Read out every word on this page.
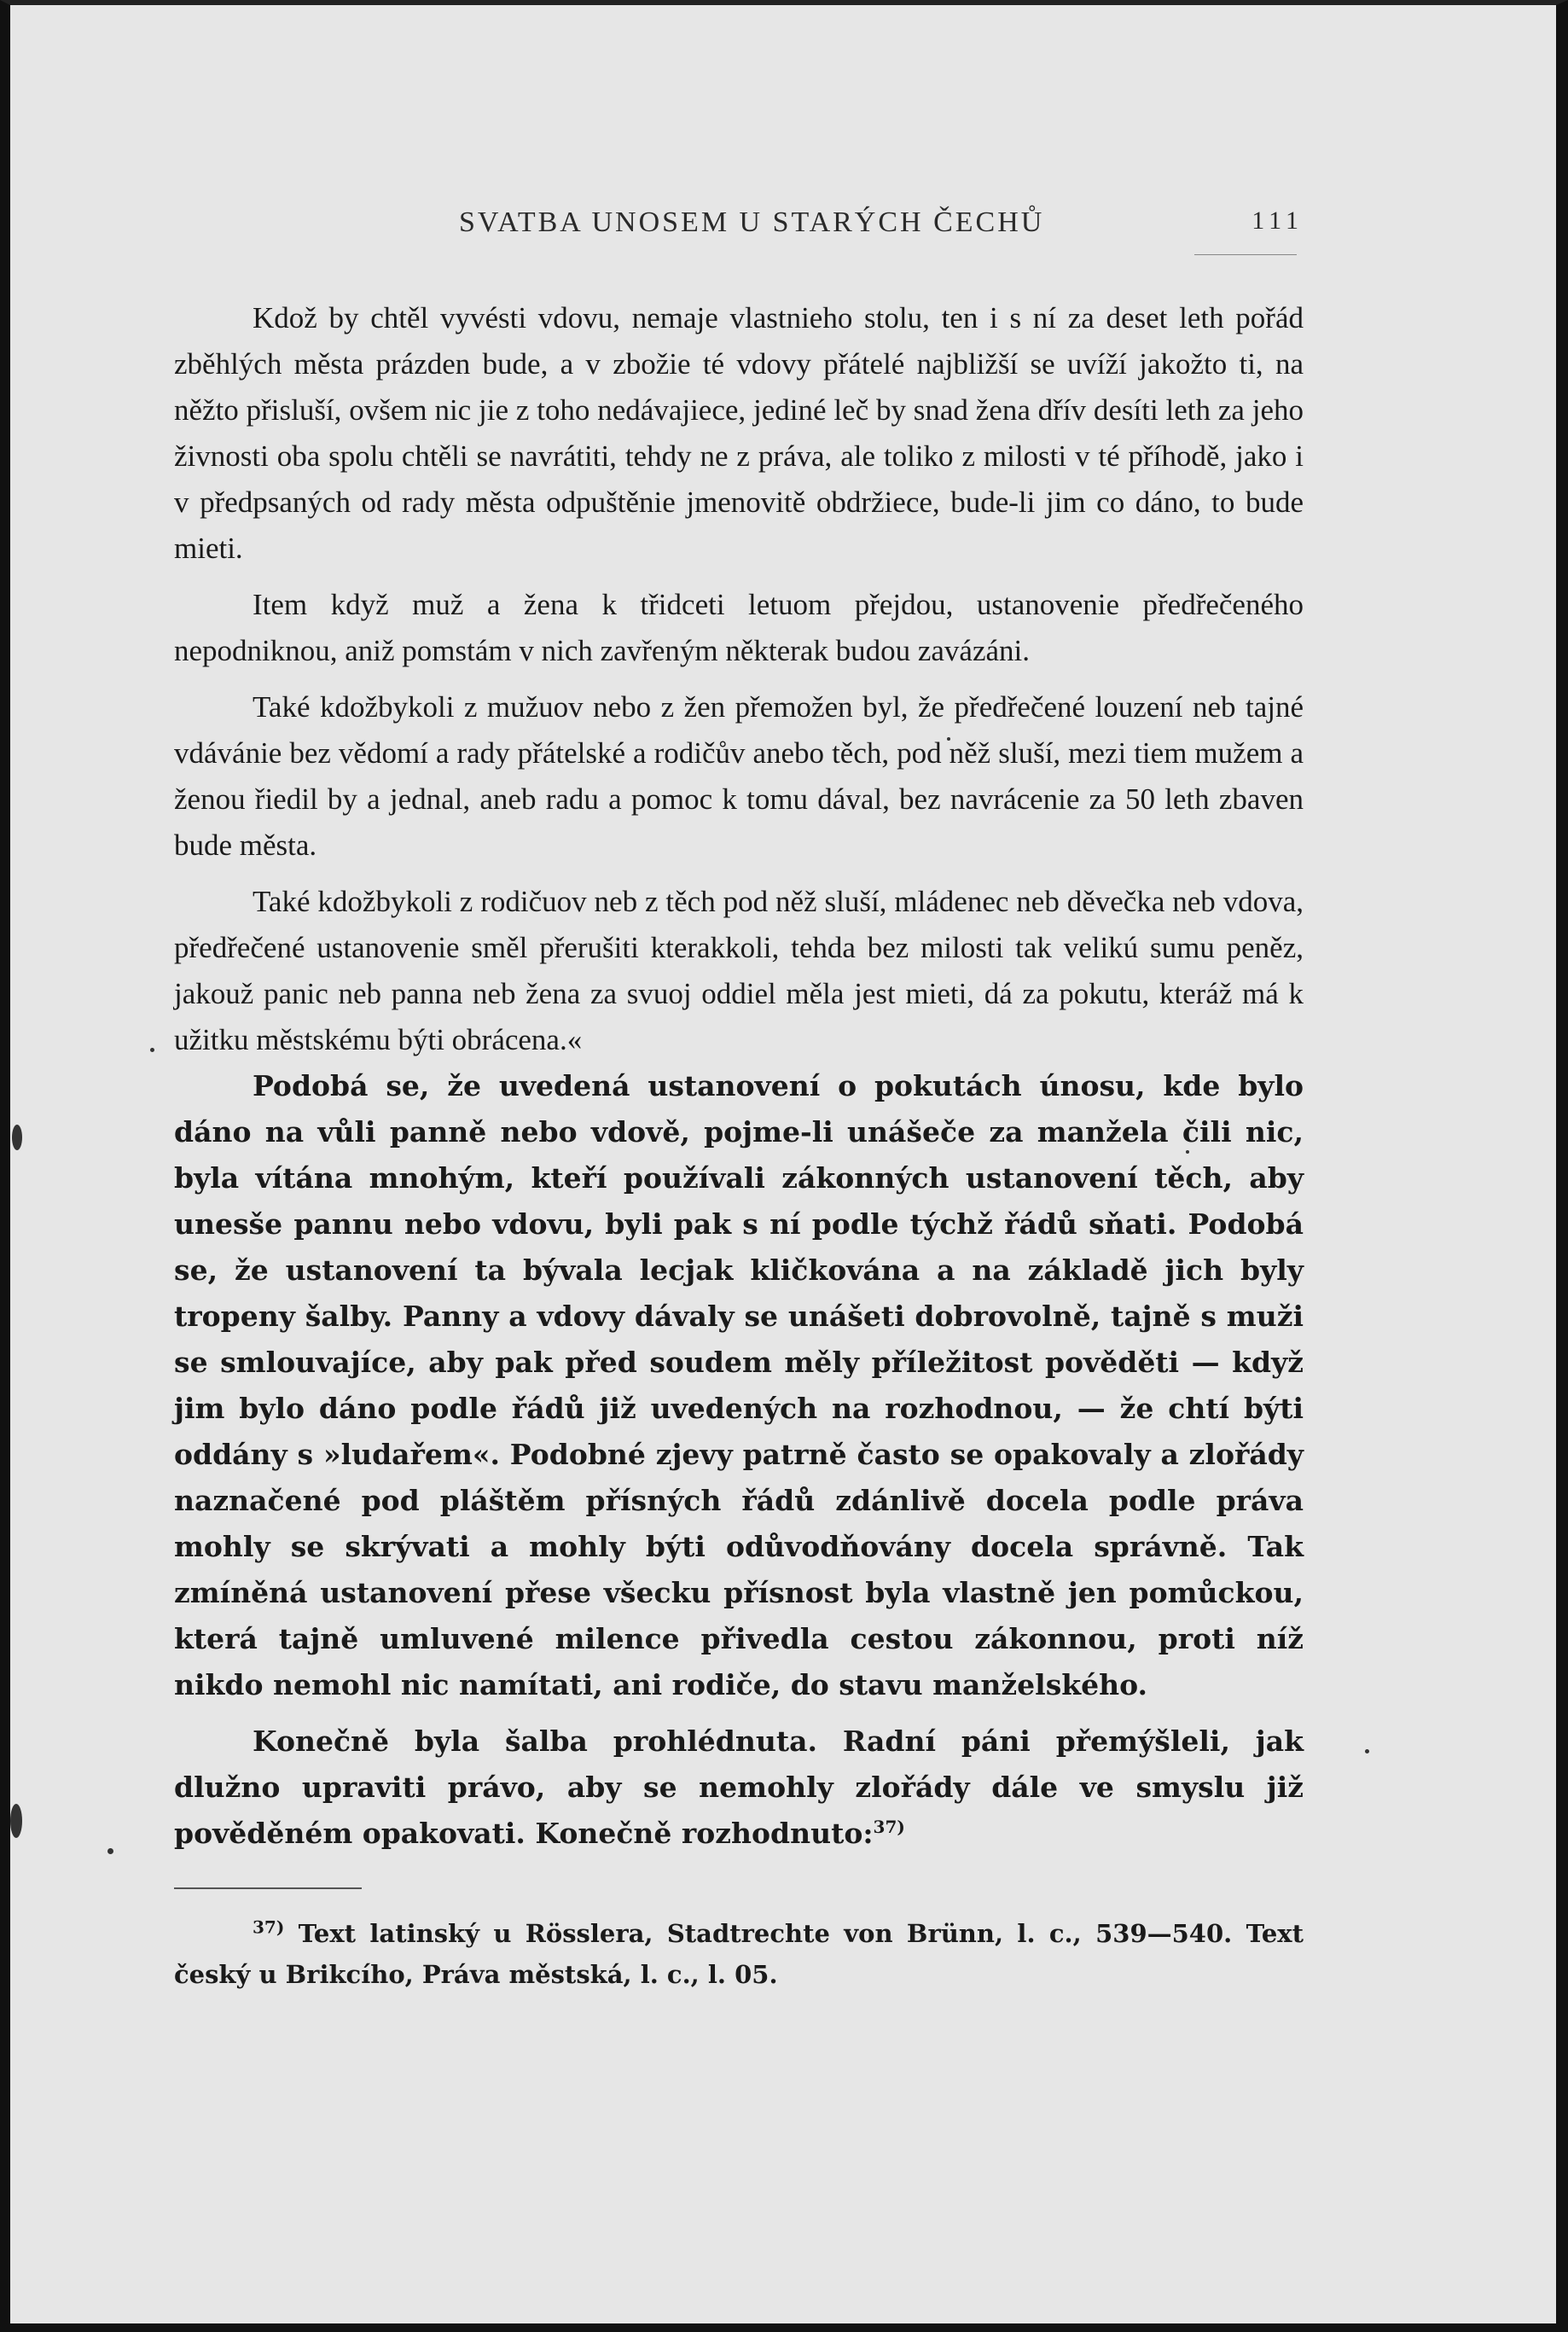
SVATBA UNOSEM U STARÝCH ČECHŮ	111

Kdož by chtěl vyvésti vdovu, nemaje vlastnieho stolu, ten i s ní za deset leth pořád zběhlých města prázden bude, a v zbožie té vdovy přátelé najbližší se uvíží jakožto ti, na něžto přisluší, ovšem nic jie z toho nedávajiece, jediné leč by snad žena dřív desíti leth za jeho živnosti oba spolu chtěli se navrátiti, tehdy ne z práva, ale toliko z milosti v té příhodě, jako i v předpsaných od rady města odpuštěnie jmenovitě obdržiece, bude-li jim co dáno, to bude mieti.

Item když muž a žena k třidceti letuom přejdou, ustanovenie předřečeného nepodniknou, aniž pomstám v nich zavřeným některak budou zavázáni.

Také kdožbykoli z mužuov nebo z žen přemožen byl, že předřečené louzení neb tajné vdávánie bez vědomí a rady přátelské a rodičův anebo těch, pod něž sluší, mezi tiem mužem a ženou řiedil by a jednal, aneb radu a pomoc k tomu dával, bez navrácenie za 50 leth zbaven bude města.

Také kdožbykoli z rodičuov neb z těch pod něž sluší, mládenec neb děvečka neb vdova, předřečené ustanovenie směl přerušiti kterakkoli, tehda bez milosti tak velikú sumu peněz, jakouž panic neb panna neb žena za svuoj oddiel měla jest mieti, dá za pokutu, kteráž má k užitku městskému býti obrácena.«

Podobá se, že uvedená ustanovení o pokutách únosu, kde bylo dáno na vůli panně nebo vdově, pojme-li unášeče za manžela čili nic, byla vítána mnohým, kteří používali zákonných ustanovení těch, aby unesše pannu nebo vdovu, byli pak s ní podle týchž řádů sňati. Podobá se, že ustanovení ta bývala lecjak kličkována a na základě jich byly tropeny šalby. Panny a vdovy dávaly se unášeti dobrovolně, tajně s muži se smlouvajíce, aby pak před soudem měly příležitost pověděti — když jim bylo dáno podle řádů již uvedených na rozhodnou, — že chtí býti oddány s »ludařem«. Podobné zjevy patrně často se opakovaly a zlořády naznačené pod pláštěm přísných řádů zdánlivě docela podle práva mohly se skrývati a mohly býti odůvodňovány docela správně. Tak zmíněná ustanovení přese všecku přísnost byla vlastně jen pomůckou, která tajně umluvené milence přivedla cestou zákonnou, proti níž nikdo nemohl nic namítati, ani rodiče, do stavu manželského.

Konečně byla šalba prohlédnuta. Radní páni přemýšleli, jak dlužno upraviti právo, aby se nemohly zlořády dále ve smyslu již pověděném opakovati. Konečně rozhodnuto:$^{37)}$

$^{37)}$ Text latinský u Rösslera, Stadtrechte von Brünn, l. c., 539—540. Text český u Brikcího, Práva městská, l. c., l. 05.
